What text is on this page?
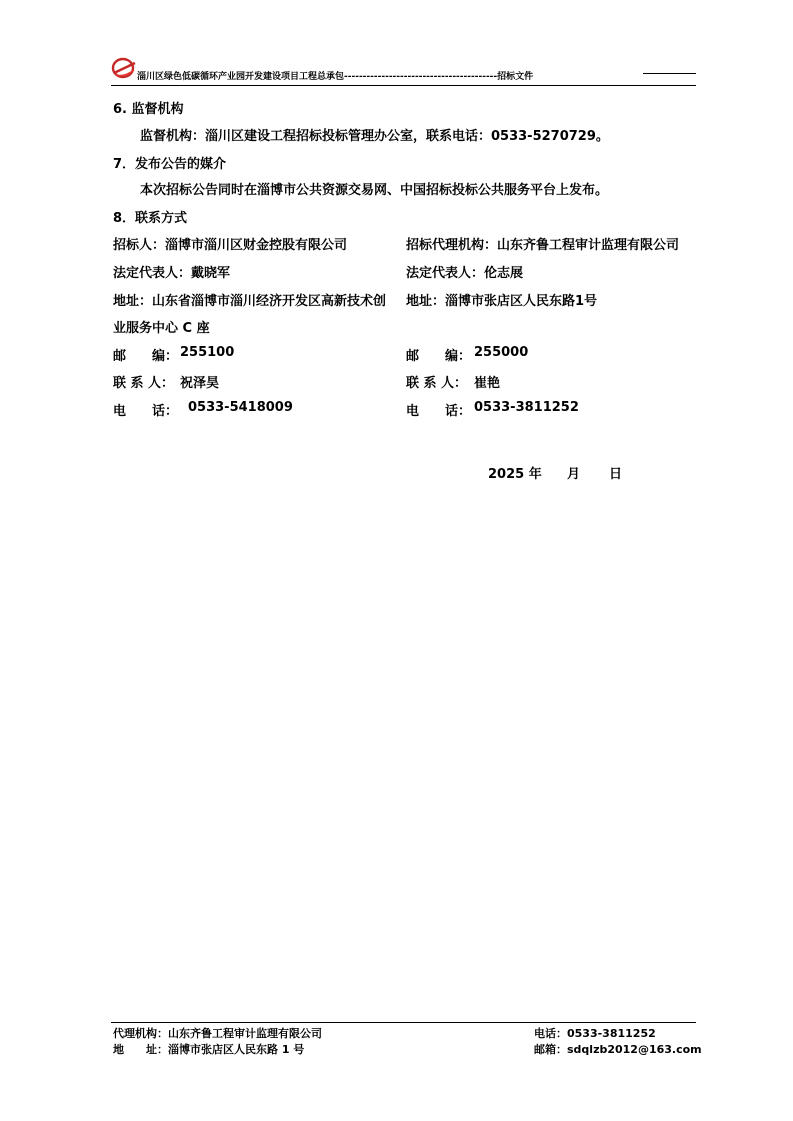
淄川区绿色低碳循环产业园开发建设项目工程总承包-----------------------------------------招标文件
6. 监督机构
监督机构：淄川区建设工程招标投标管理办公室，联系电话：0533-5270729。
7．发布公告的媒介
本次招标公告同时在淄博市公共资源交易网、中国招标投标公共服务平台上发布。
8．联系方式
招标人：淄博市淄川区财金控股有限公司	招标代理机构：山东齐鲁工程审计监理有限公司
法定代表人：戴晓军	法定代表人：伦志展
地址：山东省淄博市淄川经济开发区高新技术创 地址：淄博市张店区人民东路1号
业服务中心 C 座
邮　　编： 255100	邮　　编： 255000
联 系 人： 祝泽昊	联 系 人： 崔艳
电　　话： 0533-5418009	电　　话： 0533-3811252
2025 年 月 日
代理机构：山东齐鲁工程审计监理有限公司
地　　址：淄博市张店区人民东路 1 号
电话：0533-3811252
邮箱：sdqlzb2012@163.com
